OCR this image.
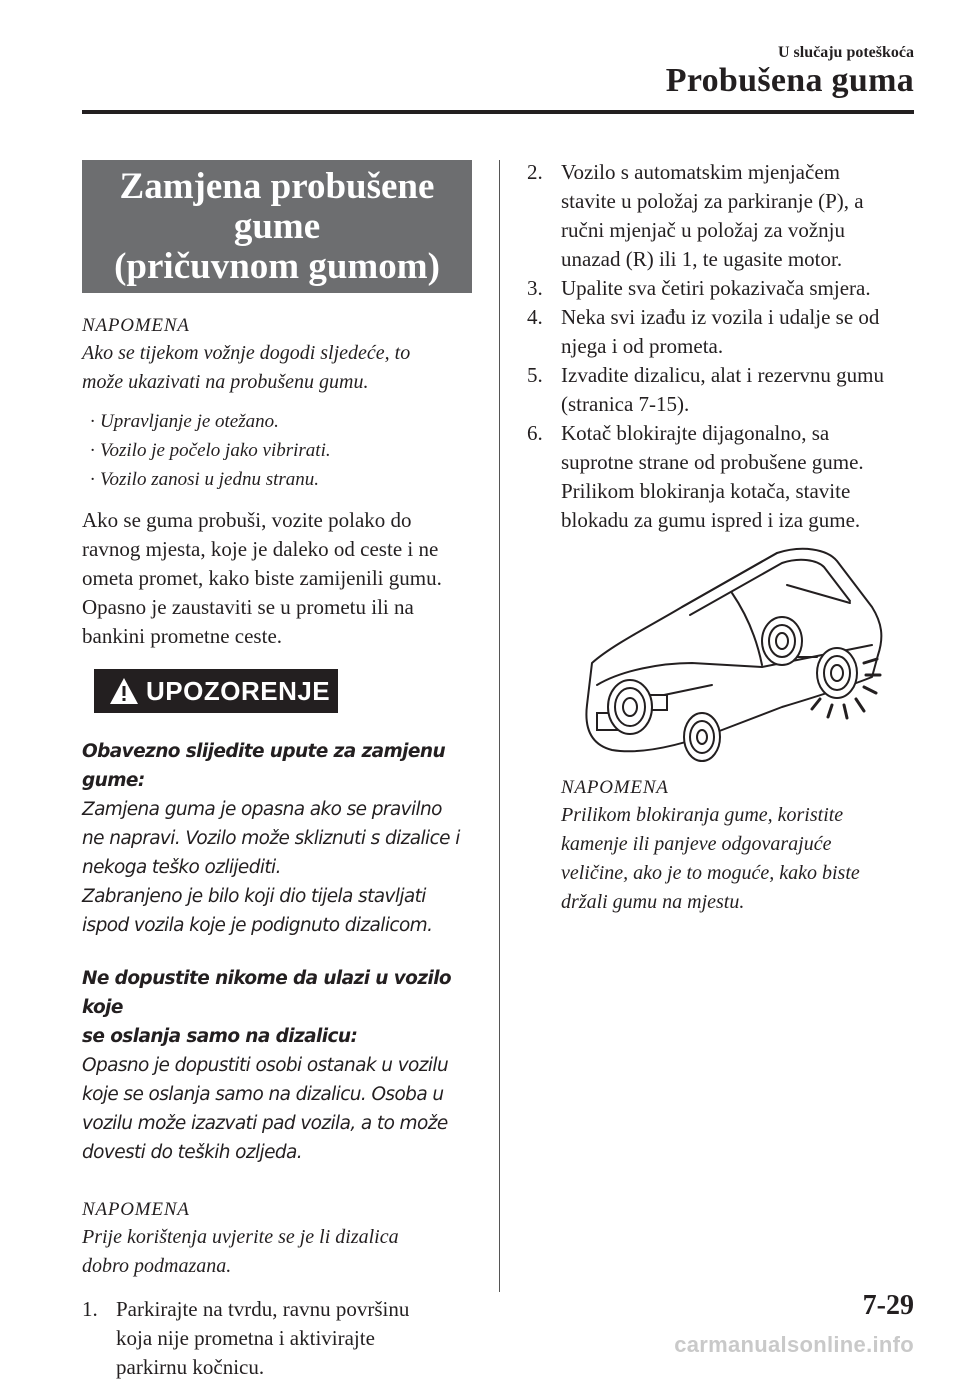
U slučaju poteškoća
Probušena guma
Zamjena probušene gume
(pričuvnom gumom)
NAPOMENA
Ako se tijekom vožnje dogodi sljedeće, to
može ukazivati na probušenu gumu.
· Upravljanje je otežano.
· Vozilo je počelo jako vibrirati.
· Vozilo zanosi u jednu stranu.
Ako se guma probuši, vozite polako do
ravnog mjesta, koje je daleko od ceste i ne
ometa promet, kako biste zamijenili gumu.
Opasno je zaustaviti se u prometu ili na
bankini prometne ceste.
UPOZORENJE
Obavezno slijedite upute za zamjenu
gume:
Zamjena guma je opasna ako se pravilno
ne napravi. Vozilo može skliznuti s dizalice i
nekoga teško ozlijediti.
Zabranjeno je bilo koji dio tijela stavljati
ispod vozila koje je podignuto dizalicom.
Ne dopustite nikome da ulazi u vozilo koje
se oslanja samo na dizalicu:
Opasno je dopustiti osobi ostanak u vozilu
koje se oslanja samo na dizalicu. Osoba u
vozilu može izazvati pad vozila, a to može
dovesti do teških ozljeda.
NAPOMENA
Prije korištenja uvjerite se je li dizalica
dobro podmazana.
1. Parkirajte na tvrdu, ravnu površinu
koja nije prometna i aktivirajte
parkirnu kočnicu.
2. Vozilo s automatskim mjenjačem
stavite u položaj za parkiranje (P), a
ručni mjenjač u položaj za vožnju
unazad (R) ili 1, te ugasite motor.
3. Upalite sva četiri pokazivača smjera.
4. Neka svi izađu iz vozila i udalje se od
njega i od prometa.
5. Izvadite dizalicu, alat i rezervnu gumu
(stranica 7-15).
6. Kotač blokirajte dijagonalno, sa
suprotne strane od probušene gume.
Prilikom blokiranja kotača, stavite
blokadu za gumu ispred i iza gume.
NAPOMENA
Prilikom blokiranja gume, koristite
kamenje ili panjeve odgovarajuće
veličine, ako je to moguće, kako biste
držali gumu na mjestu.
7-29
carmanualsonline.info
